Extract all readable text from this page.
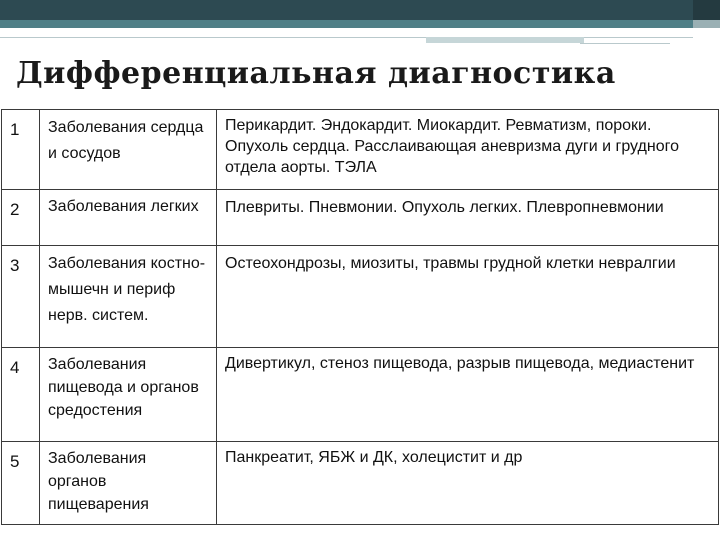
Дифференциальная диагностика
1	Заболевания сердца и сосудов	Перикардит. Эндокардит. Миокардит. Ревматизм, пороки. Опухоль сердца. Расслаивающая аневризма дуги и грудного отдела аорты. ТЭЛА
2	Заболевания легких	Плевриты. Пневмонии. Опухоль легких. Плевропневмонии
3	Заболевания костно-мышечн и периф нерв. систем.	Остеохондрозы, миозиты, травмы грудной клетки невралгии
4	Заболевания пищевода и органов средостения	Дивертикул, стеноз пищевода, разрыв пищевода, медиастенит
5	Заболевания органов пищеварения	Панкреатит, ЯБЖ и ДК, холецистит и др
